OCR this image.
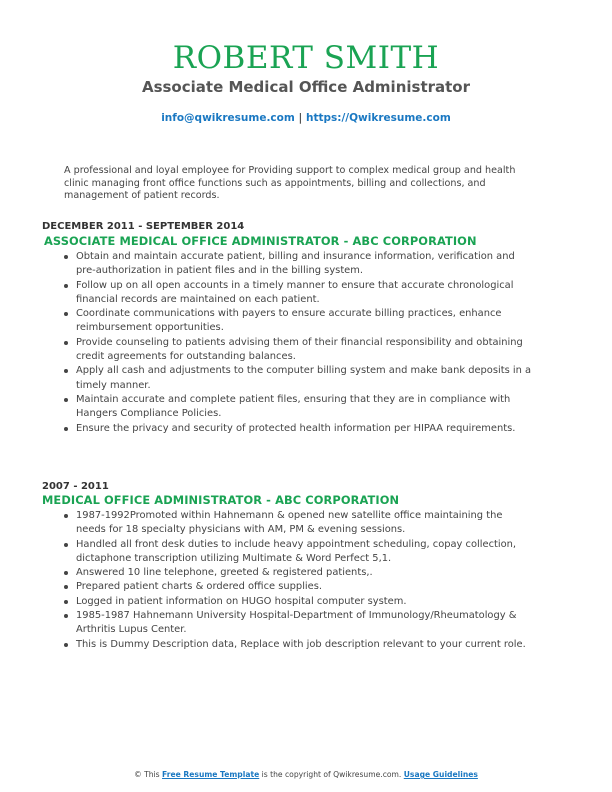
ROBERT SMITH
Associate Medical Office Administrator
info@qwikresume.com | https://Qwikresume.com
A professional and loyal employee for Providing support to complex medical group and health clinic managing front office functions such as appointments, billing and collections, and management of patient records.
DECEMBER 2011 - SEPTEMBER 2014
ASSOCIATE MEDICAL OFFICE ADMINISTRATOR - ABC CORPORATION
Obtain and maintain accurate patient, billing and insurance information, verification and pre-authorization in patient files and in the billing system.
Follow up on all open accounts in a timely manner to ensure that accurate chronological financial records are maintained on each patient.
Coordinate communications with payers to ensure accurate billing practices, enhance reimbursement opportunities.
Provide counseling to patients advising them of their financial responsibility and obtaining credit agreements for outstanding balances.
Apply all cash and adjustments to the computer billing system and make bank deposits in a timely manner.
Maintain accurate and complete patient files, ensuring that they are in compliance with Hangers Compliance Policies.
Ensure the privacy and security of protected health information per HIPAA requirements.
2007 - 2011
MEDICAL OFFICE ADMINISTRATOR - ABC CORPORATION
1987-1992Promoted within Hahnemann & opened new satellite office maintaining the needs for 18 specialty physicians with AM, PM & evening sessions.
Handled all front desk duties to include heavy appointment scheduling, copay collection, dictaphone transcription utilizing Multimate & Word Perfect 5,1.
Answered 10 line telephone, greeted & registered patients,.
Prepared patient charts & ordered office supplies.
Logged in patient information on HUGO hospital computer system.
1985-1987 Hahnemann University Hospital-Department of Immunology/Rheumatology & Arthritis Lupus Center.
This is Dummy Description data, Replace with job description relevant to your current role.
© This Free Resume Template is the copyright of Qwikresume.com. Usage Guidelines
